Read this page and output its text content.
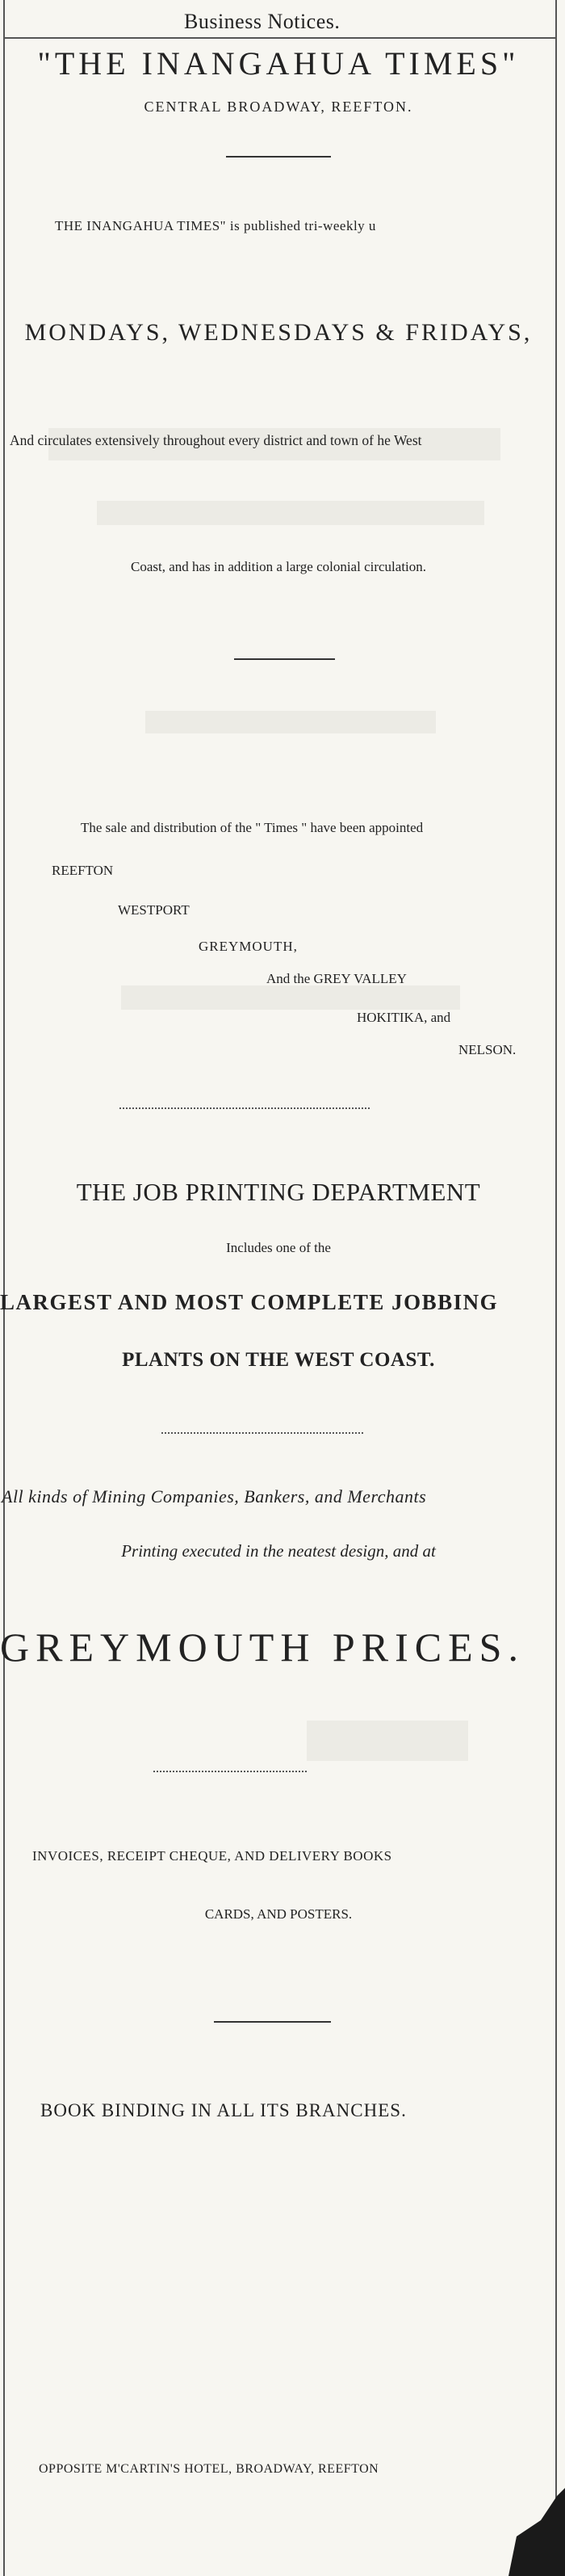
Business Notices.
"THE INANGAHUA TIMES"
CENTRAL BROADWAY, REEFTON.
THE INANGAHUA TIMES" is published tri-weekly u
MONDAYS, WEDNESDAYS & FRIDAYS,
And circulates extensively throughout every district and town of he West
Coast, and has in addition a large colonial circulation.
The sale and distribution of the " Times " have been appointed
REEFTON
WESTPORT
GREYMOUTH,
And the GREY VALLEY
HOKITIKA, and
NELSON.
THE JOB PRINTING DEPARTMENT
Includes one of the
LARGEST AND MOST COMPLETE JOBBING
PLANTS ON THE WEST COAST.
All kinds of Mining Companies, Bankers, and Merchants
Printing executed in the neatest design, and at
GREYMOUTH PRICES.
INVOICES, RECEIPT CHEQUE, AND DELIVERY BOOKS
CARDS, AND POSTERS.
BOOK BINDING IN ALL ITS BRANCHES.
OPPOSITE M'CARTIN'S HOTEL, BROADWAY, REEFTON
